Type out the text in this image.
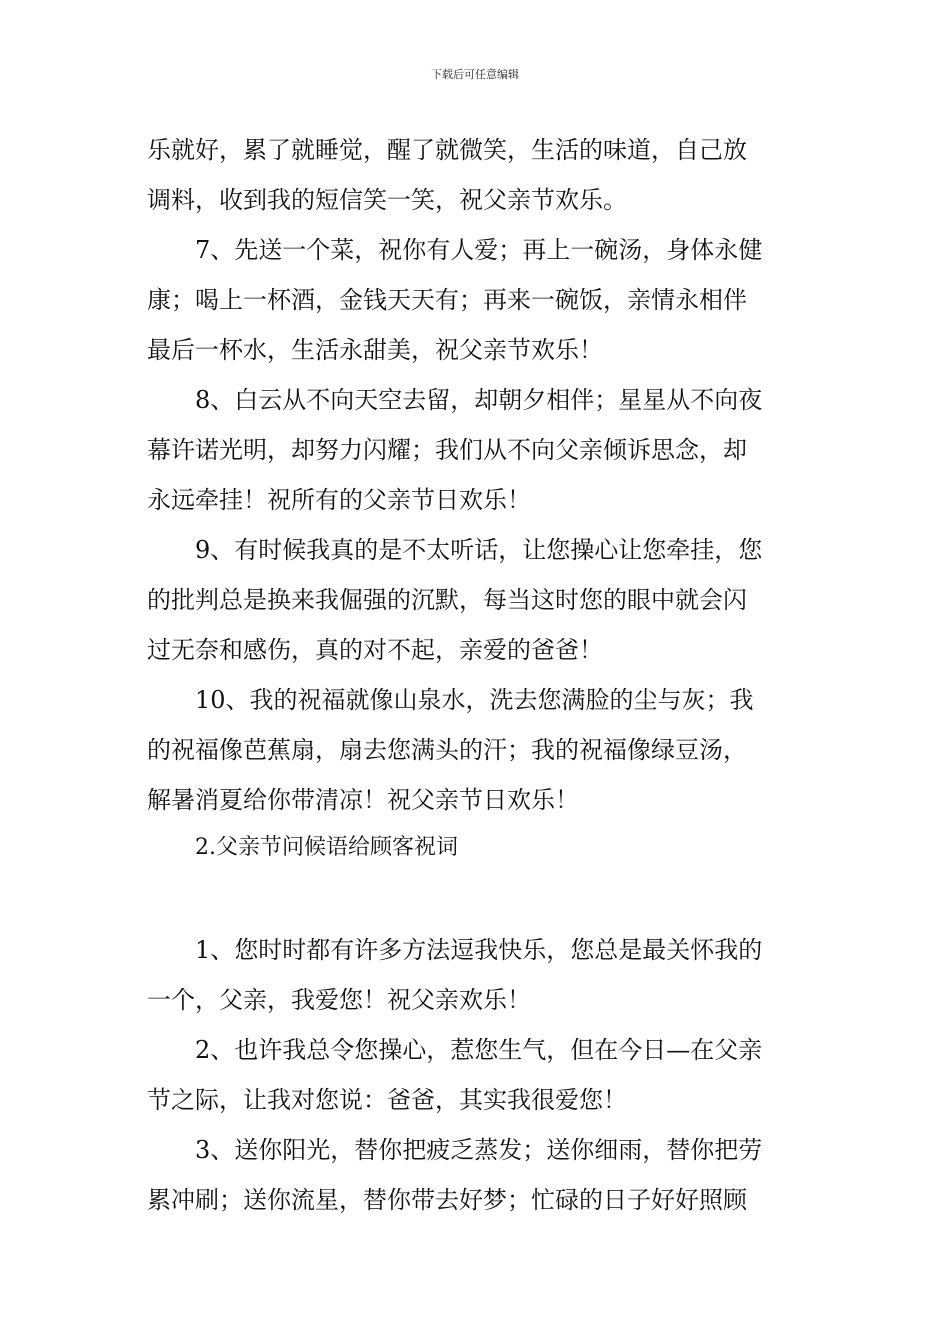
下载后可任意编辑
乐就好，累了就睡觉，醒了就微笑，生活的味道，自己放
调料，收到我的短信笑一笑，祝父亲节欢乐。
7、先送一个菜，祝你有人爱；再上一碗汤，身体永健
康；喝上一杯酒，金钱天天有；再来一碗饭，亲情永相伴
最后一杯水，生活永甜美，祝父亲节欢乐！
8、白云从不向天空去留，却朝夕相伴；星星从不向夜
幕许诺光明，却努力闪耀；我们从不向父亲倾诉思念，却
永远牵挂！祝所有的父亲节日欢乐！
9、有时候我真的是不太听话，让您操心让您牵挂，您
的批判总是换来我倔强的沉默，每当这时您的眼中就会闪
过无奈和感伤，真的对不起，亲爱的爸爸！
10、我的祝福就像山泉水，洗去您满脸的尘与灰；我
的祝福像芭蕉扇，扇去您满头的汗；我的祝福像绿豆汤，
解暑消夏给你带清凉！祝父亲节日欢乐！
2.父亲节问候语给顾客祝词
1、您时时都有许多方法逗我快乐，您总是最关怀我的
一个，父亲，我爱您！祝父亲欢乐！
2、也许我总令您操心，惹您生气，但在今日—在父亲
节之际，让我对您说：爸爸，其实我很爱您！
3、送你阳光，替你把疲乏蒸发；送你细雨，替你把劳
累冲刷；送你流星，替你带去好梦；忙碌的日子好好照顾
